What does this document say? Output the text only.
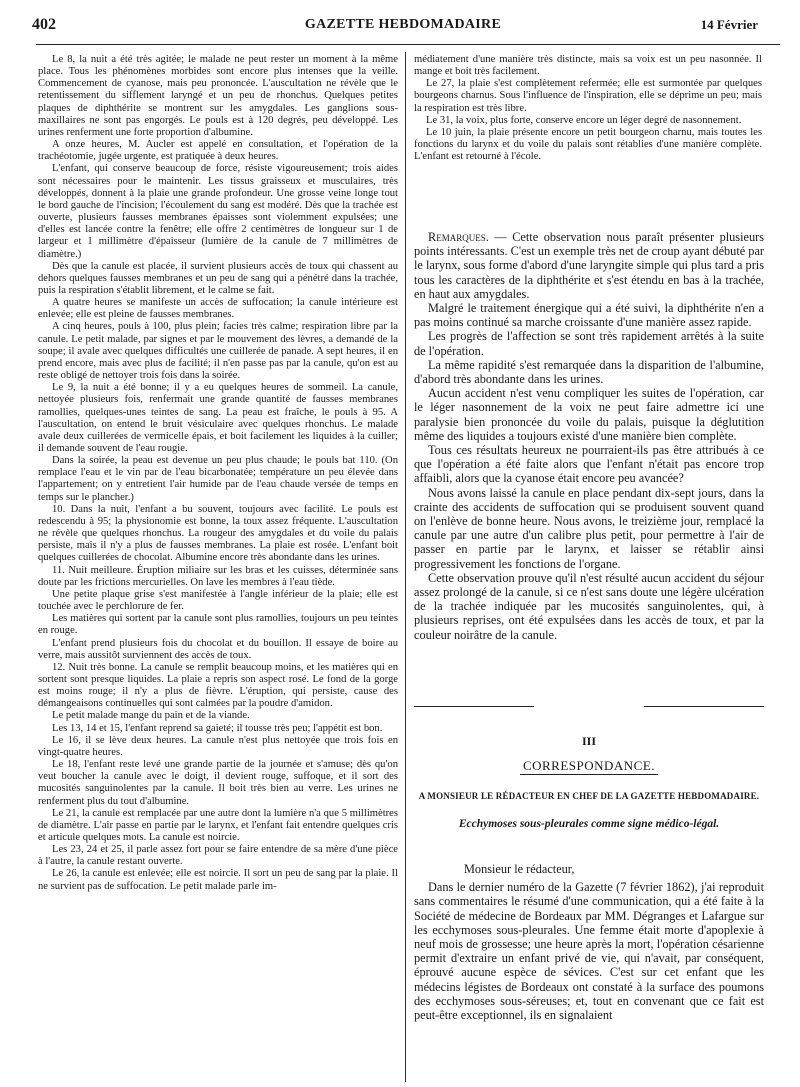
402	GAZETTE HEBDOMADAIRE	14 Février

Le 8, la nuit a été très agitée; le malade ne peut rester un moment à la même place. Tous les phénomènes morbides sont encore plus intenses que la veille. Commencement de cyanose, mais peu prononcée. L'auscultation ne révèle que le retentissement du sifflement laryngé et un peu de rhonchus. Quelques petites plaques de diphthérite se montrent sur les amygdales. Les ganglions sous-maxillaires ne sont pas engorgés. Le pouls est à 120 degrés, peu développé. Les urines renferment une forte proportion d'albumine.

A onze heures, M. Aucler est appelé en consultation, et l'opération de la trachéotomie, jugée urgente, est pratiquée à deux heures.

L'enfant, qui conserve beaucoup de force, résiste vigoureusement; trois aides sont nécessaires pour le maintenir. Les tissus graisseux et musculaires, très développés, donnent à la plaie une grande profondeur. Une grosse veine longe tout le bord gauche de l'incision; l'écoulement du sang est modéré. Dès que la trachée est ouverte, plusieurs fausses membranes épaisses sont violemment expulsées; une d'elles est lancée contre la fenêtre; elle offre 2 centimètres de longueur sur 1 de largeur et 1 millimètre d'épaisseur (lumière de la canule de 7 millimètres de diamètre.)

Dès que la canule est placée, il survient plusieurs accès de toux qui chassent au dehors quelques fausses membranes et un peu de sang qui a pénétré dans la trachée, puis la respiration s'établit librement, et le calme se fait.

A quatre heures se manifeste un accès de suffocation; la canule intérieure est enlevée; elle est pleine de fausses membranes.

A cinq heures, pouls à 100, plus plein; facies très calme; respiration libre par la canule. Le petit malade, par signes et par le mouvement des lèvres, a demandé de la soupe; il avale avec quelques difficultés une cuillerée de panade. A sept heures, il en prend encore, mais avec plus de facilité; il n'en passe pas par la canule, qu'on est au reste obligé de nettoyer trois fois dans la soirée.

Le 9, la nuit a été bonne; il y a eu quelques heures de sommeil. La canule, nettoyée plusieurs fois, renfermait une grande quantité de fausses membranes ramollies, quelques-unes teintes de sang. La peau est fraîche, le pouls à 95. A l'auscultation, on entend le bruit vésiculaire avec quelques rhonchus. Le malade avale deux cuillerées de vermicelle épais, et boit facilement les liquides à la cuiller; il demande souvent de l'eau rougie.

Dans la soirée, la peau est devenue un peu plus chaude; le pouls bat 110. (On remplace l'eau et le vin par de l'eau bicarbonatée; température un peu élevée dans l'appartement; on y entretient l'air humide par de l'eau chaude versée de temps en temps sur le plancher.)

10. Dans la nuit, l'enfant a bu souvent, toujours avec facilité. Le pouls est redescendu à 95; la physionomie est bonne, la toux assez fréquente. L'auscultation ne révèle que quelques rhonchus. La rougeur des amygdales et du voile du palais persiste, mais il n'y a plus de fausses membranes. La plaie est rosée. L'enfant boit quelques cuillerées de chocolat. Albumine encore très abondante dans les urines.

11. Nuit meilleure. Éruption miliaire sur les bras et les cuisses, déterminée sans doute par les frictions mercurielles. On lave les membres à l'eau tiède.

Une petite plaque grise s'est manifestée à l'angle inférieur de la plaie; elle est touchée avec le perchlorure de fer.

Les matières qui sortent par la canule sont plus ramollies, toujours un peu teintes en rouge.

L'enfant prend plusieurs fois du chocolat et du bouillon. Il essaye de boire au verre, mais aussitôt surviennent des accès de toux.

12. Nuit très bonne. La canule se remplit beaucoup moins, et les matières qui en sortent sont presque liquides. La plaie a repris son aspect rosé. Le fond de la gorge est moins rouge; il n'y a plus de fièvre. L'éruption, qui persiste, cause des démangeaisons continuelles qui sont calmées par la poudre d'amidon.

Le petit malade mange du pain et de la viande.

Les 13, 14 et 15, l'enfant reprend sa gaieté; il tousse très peu; l'appétit est bon.

Le 16, il se lève deux heures. La canule n'est plus nettoyée que trois fois en vingt-quatre heures.

Le 18, l'enfant reste levé une grande partie de la journée et s'amuse; dès qu'on veut boucher la canule avec le doigt, il devient rouge, suffoque, et il sort des mucosités sanguinolentes par la canule. Il boit très bien au verre. Les urines ne renferment plus du tout d'albumine.

Le 21, la canule est remplacée par une autre dont la lumière n'a que 5 millimètres de diamètre. L'air passe en partie par le larynx, et l'enfant fait entendre quelques cris et articule quelques mots. La canule est noircie.

Les 23, 24 et 25, il parle assez fort pour se faire entendre de sa mère d'une pièce à l'autre, la canule restant ouverte.

Le 26, la canule est enlevée; elle est noircie. Il sort un peu de sang par la plaie. Il ne survient pas de suffocation. Le petit malade parle im-

médiatement d'une manière très distincte, mais sa voix est un peu nasonnée. Il mange et boit très facilement.

Le 27, la plaie s'est complètement refermée; elle est surmontée par quelques bourgeons charnus. Sous l'influence de l'inspiration, elle se déprime un peu; mais la respiration est très libre.

Le 31, la voix, plus forte, conserve encore un léger degré de nasonnement.

Le 10 juin, la plaie présente encore un petit bourgeon charnu, mais toutes les fonctions du larynx et du voile du palais sont rétablies d'une manière complète. L'enfant est retourné à l'école.

Remarques. — Cette observation nous paraît présenter plusieurs points intéressants. C'est un exemple très net de croup ayant débuté par le larynx, sous forme d'abord d'une laryngite simple qui plus tard a pris tous les caractères de la diphthérite et s'est étendu en bas à la trachée, en haut aux amygdales.

Malgré le traitement énergique qui a été suivi, la diphthérite n'en a pas moins continué sa marche croissante d'une manière assez rapide.

Les progrès de l'affection se sont très rapidement arrêtés à la suite de l'opération.

La même rapidité s'est remarquée dans la disparition de l'albumine, d'abord très abondante dans les urines.

Aucun accident n'est venu compliquer les suites de l'opération, car le léger nasonnement de la voix ne peut faire admettre ici une paralysie bien prononcée du voile du palais, puisque la déglutition même des liquides a toujours existé d'une manière bien complète.

Tous ces résultats heureux ne pourraient-ils pas être attribués à ce que l'opération a été faite alors que l'enfant n'était pas encore trop affaibli, alors que la cyanose était encore peu avancée?

Nous avons laissé la canule en place pendant dix-sept jours, dans la crainte des accidents de suffocation qui se produisent souvent quand on l'enlève de bonne heure. Nous avons, le treizième jour, remplacé la canule par une autre d'un calibre plus petit, pour permettre à l'air de passer en partie par le larynx, et laisser se rétablir ainsi progressivement les fonctions de l'organe.

Cette observation prouve qu'il n'est résulté aucun accident du séjour assez prolongé de la canule, si ce n'est sans doute une légère ulcération de la trachée indiquée par les mucosités sanguinolentes, qui, à plusieurs reprises, ont été expulsées dans les accès de toux, et par la couleur noirâtre de la canule.

III
CORRESPONDANCE.
A MONSIEUR LE RÉDACTEUR EN CHEF DE LA GAZETTE HEBDOMADAIRE.
Ecchymoses sous-pleurales comme signe médico-légal.

Monsieur le rédacteur,

Dans le dernier numéro de la Gazette (7 février 1862), j'ai reproduit sans commentaires le résumé d'une communication, qui a été faite à la Société de médecine de Bordeaux par MM. Dégranges et Lafargue sur les ecchymoses sous-pleurales. Une femme était morte d'apoplexie à neuf mois de grossesse; une heure après la mort, l'opération césarienne permit d'extraire un enfant privé de vie, qui n'avait, par conséquent, éprouvé aucune espèce de sévices. C'est sur cet enfant que les médecins légistes de Bordeaux ont constaté à la surface des poumons des ecchymoses sous-séreuses; et, tout en convenant que ce fait est peut-être exceptionnel, ils en signalaient
